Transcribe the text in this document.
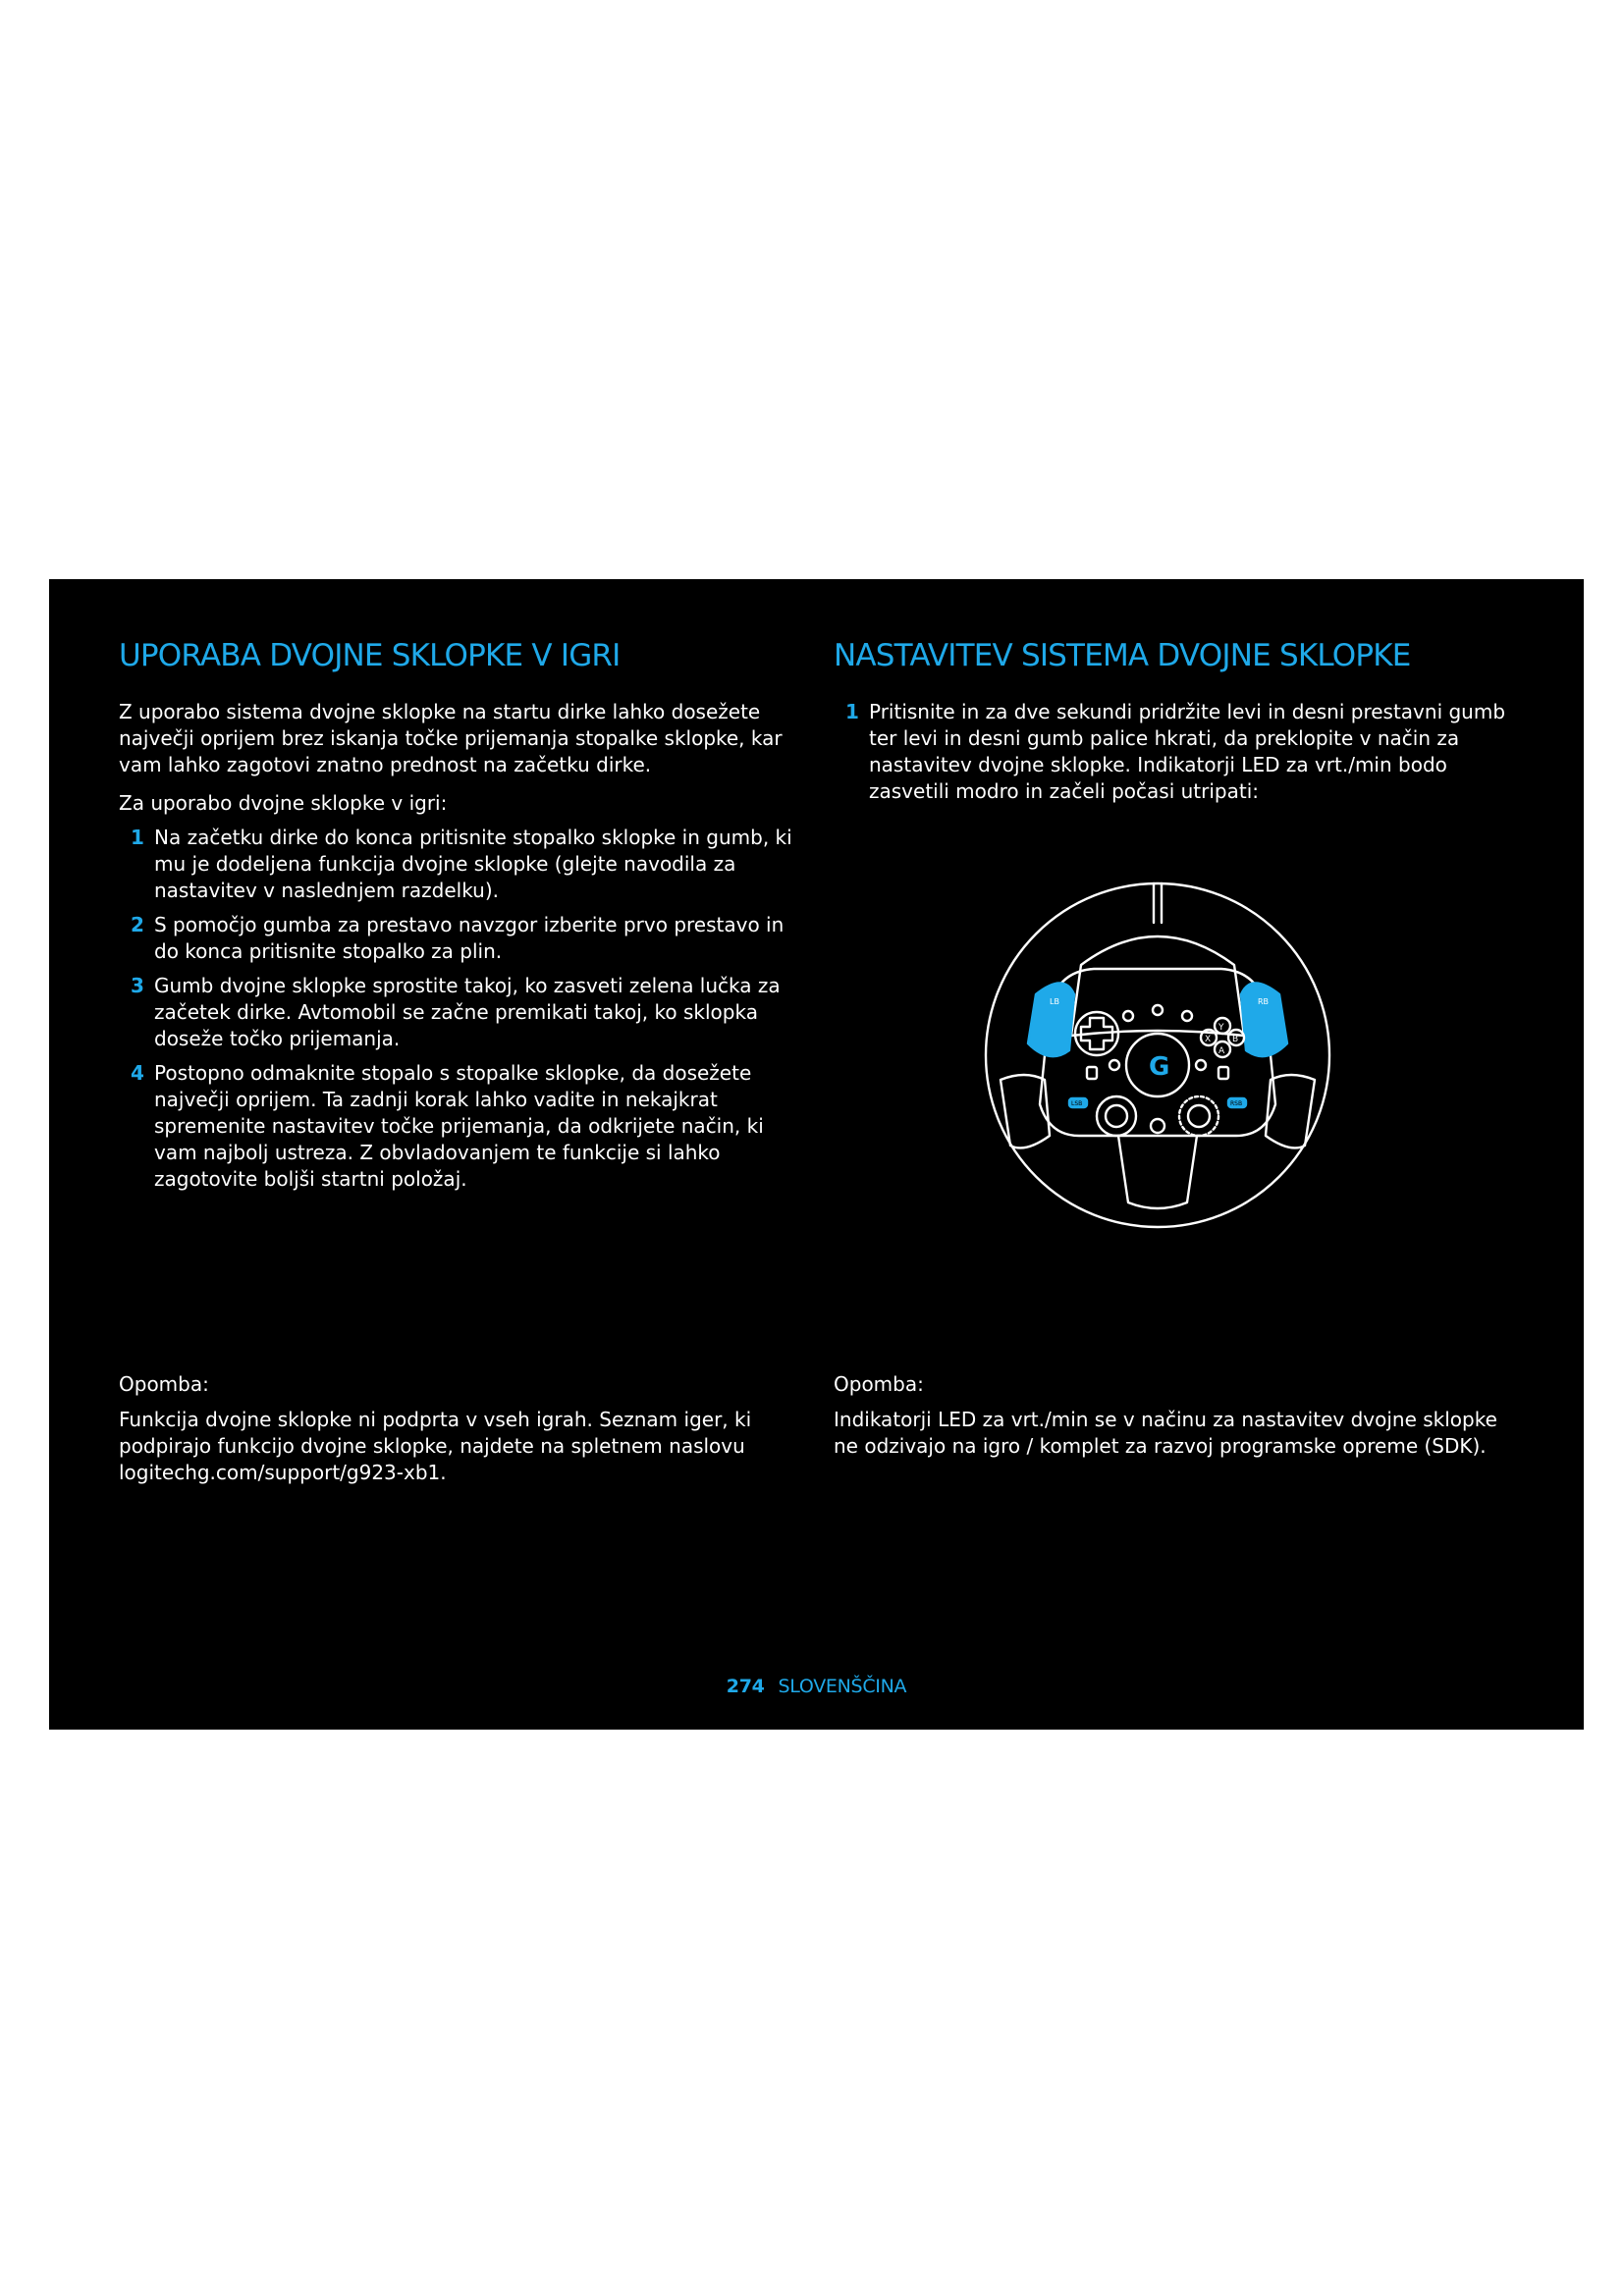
UPORABA DVOJNE SKLOPKE V IGRI

Z uporabo sistema dvojne sklopke na startu dirke lahko dosežete največji oprijem brez iskanja točke prijemanja stopalke sklopke, kar vam lahko zagotovi znatno prednost na začetku dirke.

Za uporabo dvojne sklopke v igri:

1 Na začetku dirke do konca pritisnite stopalko sklopke in gumb, ki mu je dodeljena funkcija dvojne sklopke (glejte navodila za nastavitev v naslednjem razdelku).
2 S pomočjo gumba za prestavo navzgor izberite prvo prestavo in do konca pritisnite stopalko za plin.
3 Gumb dvojne sklopke sprostite takoj, ko zasveti zelena lučka za začetek dirke. Avtomobil se začne premikati takoj, ko sklopka doseže točko prijemanja.
4 Postopno odmaknite stopalo s stopalke sklopke, da dosežete največji oprijem. Ta zadnji korak lahko vadite in nekajkrat spremenite nastavitev točke prijemanja, da odkrijete način, ki vam najbolj ustreza. Z obvladovanjem te funkcije si lahko zagotovite boljši startni položaj.

Opomba:

Funkcija dvojne sklopke ni podprta v vseh igrah. Seznam iger, ki podpirajo funkcijo dvojne sklopke, najdete na spletnem naslovu logitechg.com/support/g923-xb1.

NASTAVITEV SISTEMA DVOJNE SKLOPKE
1 Pritisnite in za dve sekundi pridržite levi in desni prestavni gumb ter levi in desni gumb palice hkrati, da preklopite v način za nastavitev dvojne sklopke. Indikatorji LED za vrt./min bodo zasvetili modro in začeli počasi utripati:

Opomba:

Indikatorji LED za vrt./min se v načinu za nastavitev dvojne sklopke ne odzivajo na igro / komplet za razvoj programske opreme (SDK).

LB	RB
G
Y
X B
A
LSB	RSB
274 SLOVENŠČINA
